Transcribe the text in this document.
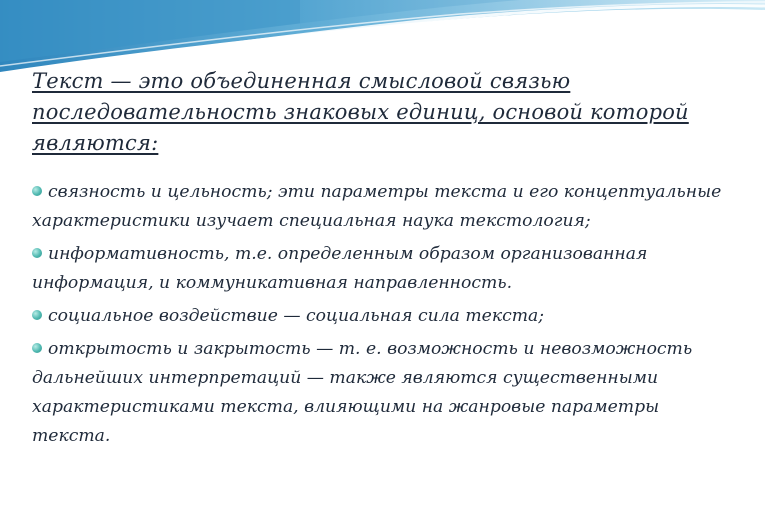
Текст — это объединенная смысловой связью последовательность знаковых единиц, основой которой являются:
связность и цельность; эти параметры текста и его концептуальные характеристики изучает специальная наука текстология;
информативность, т.е. определенным образом организованная информация, и коммуникативная направленность.
социальное воздействие — социальная сила текста;
открытость и закрытость — т. е. возможность и невозможность дальнейших интерпретаций — также являются существенными характеристиками текста, влияющими на жанровые параметры текста.
